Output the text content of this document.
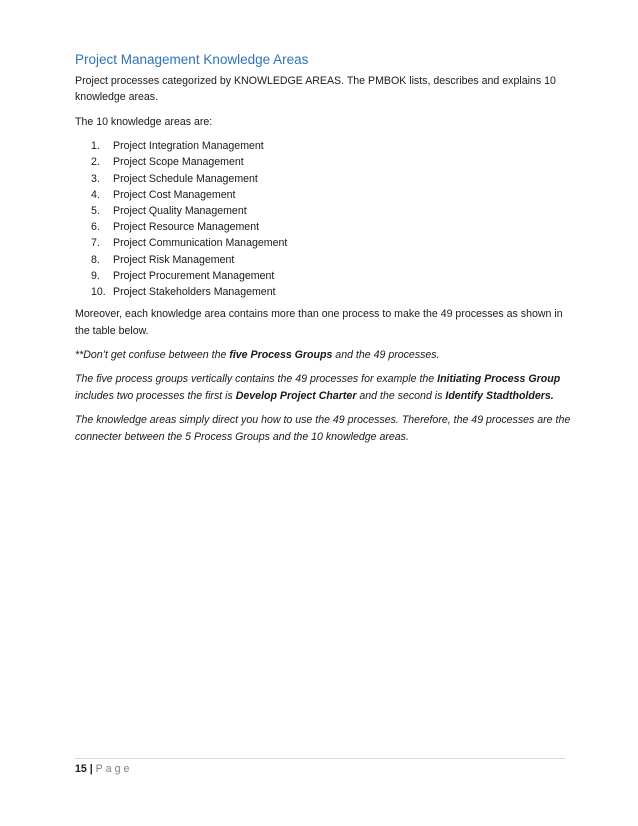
Project Management Knowledge Areas

Project processes categorized by KNOWLEDGE AREAS. The PMBOK lists, describes and explains 10 knowledge areas.

The 10 knowledge areas are:

1.	Project Integration Management
2.	Project Scope Management
3.	Project Schedule Management
4.	Project Cost Management
5.	Project Quality Management
6.	Project Resource Management
7.	Project Communication Management
8.	Project Risk Management
9.	Project Procurement Management
10. Project Stakeholders Management

Moreover, each knowledge area contains more than one process to make the 49 processes as shown in the table below.

**Don’t get confuse between the five Process Groups and the 49 processes.

The five process groups vertically contains the 49 processes for example the Initiating Process Group includes two processes the first is Develop Project Charter and the second is Identify Stadtholders.

The knowledge areas simply direct you how to use the 49 processes. Therefore, the 49 processes are the connecter between the 5 Process Groups and the 10 knowledge areas.

15 | Page
